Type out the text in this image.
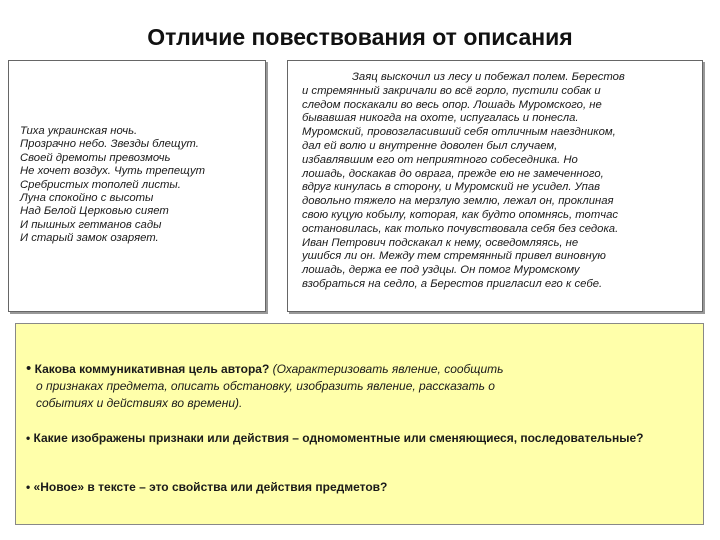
Отличие повествования от описания
Тиха украинская ночь.
Прозрачно небо. Звезды блещут.
Своей дремоты превозмочь
Не хочет воздух. Чуть трепещут
Сребристых тополей листы.
Луна спокойно с высоты
Над Белой Церковью сияет
И пышных гетманов сады
И старый замок озаряет.
Заяц выскочил из лесу и побежал полем. Берестов
и стремянный закричали во всё горло, пустили собак и
следом поскакали во весь опор. Лошадь Муромского, не
бывавшая никогда на охоте, испугалась и понесла.
Муромский, провозгласивший себя отличным наездником,
дал ей волю и внутренне доволен был случаем,
избавлявшим его от неприятного собеседника. Но
лошадь, доскакав до оврага, прежде ею не замеченного,
вдруг кинулась в сторону, и Муромский не усидел. Упав
довольно тяжело на мерзлую землю, лежал он, проклиная
свою куцую кобылу, которая, как будто опомнясь, тотчас
остановилась, как только почувствовала себя без седока.
Иван Петрович подскакал к нему, осведомляясь, не
ушибся ли он. Между тем стремянный привел виновную
лошадь, держа ее под уздцы. Он помог Муромскому
взобраться на седло, а Берестов пригласил его к себе.
• Какова коммуникативная цель автора? (Охарактеризовать явление, сообщить
о признаках предмета, описать обстановку, изобразить явление, рассказать о
событиях и действиях во времени).
• Какие изображены признаки или действия – одномоментные или сменяющиеся, последовательные?
• «Новое» в тексте – это свойства или действия предметов?
